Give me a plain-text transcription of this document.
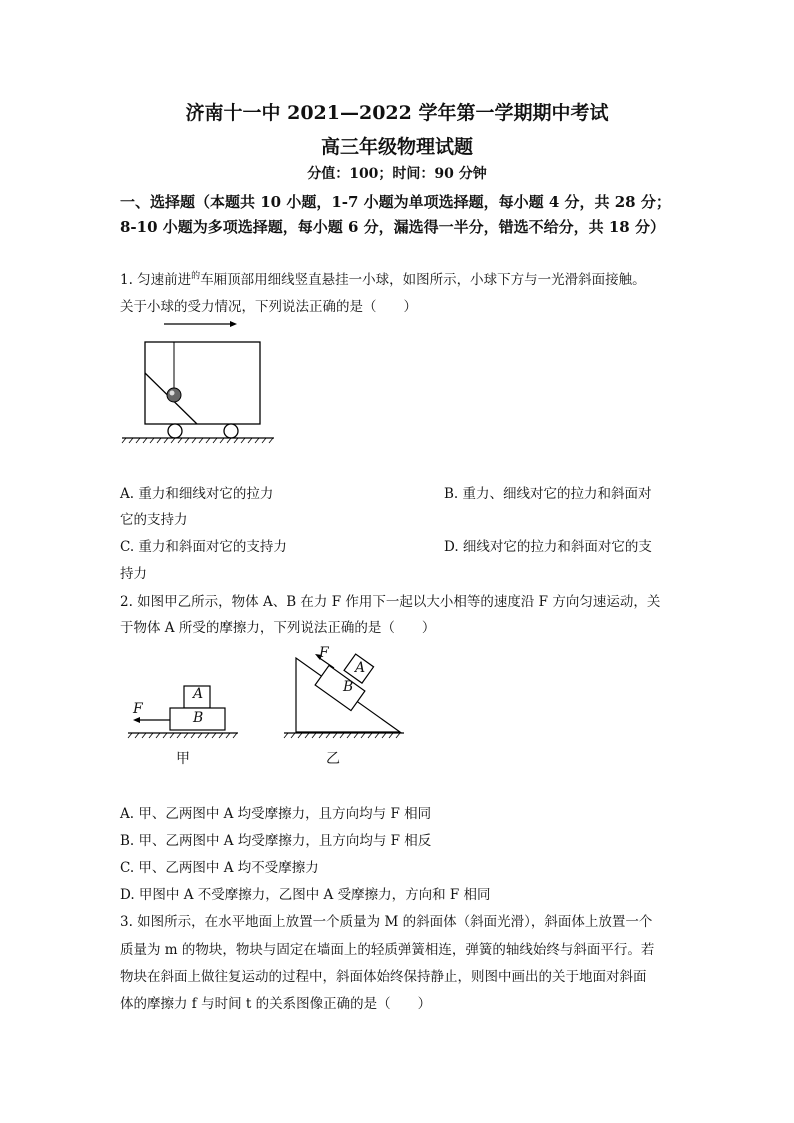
济南十一中 2021—2022 学年第一学期期中考试
高三年级物理试题
分值：100；时间：90 分钟
一、选择题（本题共 10 小题，1-7 小题为单项选择题，每小题 4 分，共 28 分；8-10 小题为多项选择题，每小题 6 分，漏选得一半分，错选不给分，共 18 分）
1. 匀速前进$^的$车厢顶部用细线竖直悬挂一小球，如图所示，小球下方与一光滑斜面接触。
关于小球的受力情况，下列说法正确的是（　　）
A. 重力和细线对它的拉力	B. 重力、细线对它的拉力和斜面对
它的支持力
C. 重力和斜面对它的支持力	D. 细线对它的拉力和斜面对它的支
持力
2. 如图甲乙所示，物体 A、B 在力 F 作用下一起以大小相等的速度沿 F 方向匀速运动，关
于物体 A 所受的摩擦力，下列说法正确的是（　　）
A
B
F
甲
F
A
B
乙
A. 甲、乙两图中 A 均受摩擦力，且方向均与 F 相同
B. 甲、乙两图中 A 均受摩擦力，且方向均与 F 相反
C. 甲、乙两图中 A 均不受摩擦力
D. 甲图中 A 不受摩擦力，乙图中 A 受摩擦力，方向和 F 相同
3. 如图所示，在水平地面上放置一个质量为 M 的斜面体（斜面光滑），斜面体上放置一个
质量为 m 的物块，物块与固定在墙面上的轻质弹簧相连，弹簧的轴线始终与斜面平行。若
物块在斜面上做往复运动的过程中，斜面体始终保持静止，则图中画出的关于地面对斜面
体的摩擦力 f 与时间 t 的关系图像正确的是（　　）
